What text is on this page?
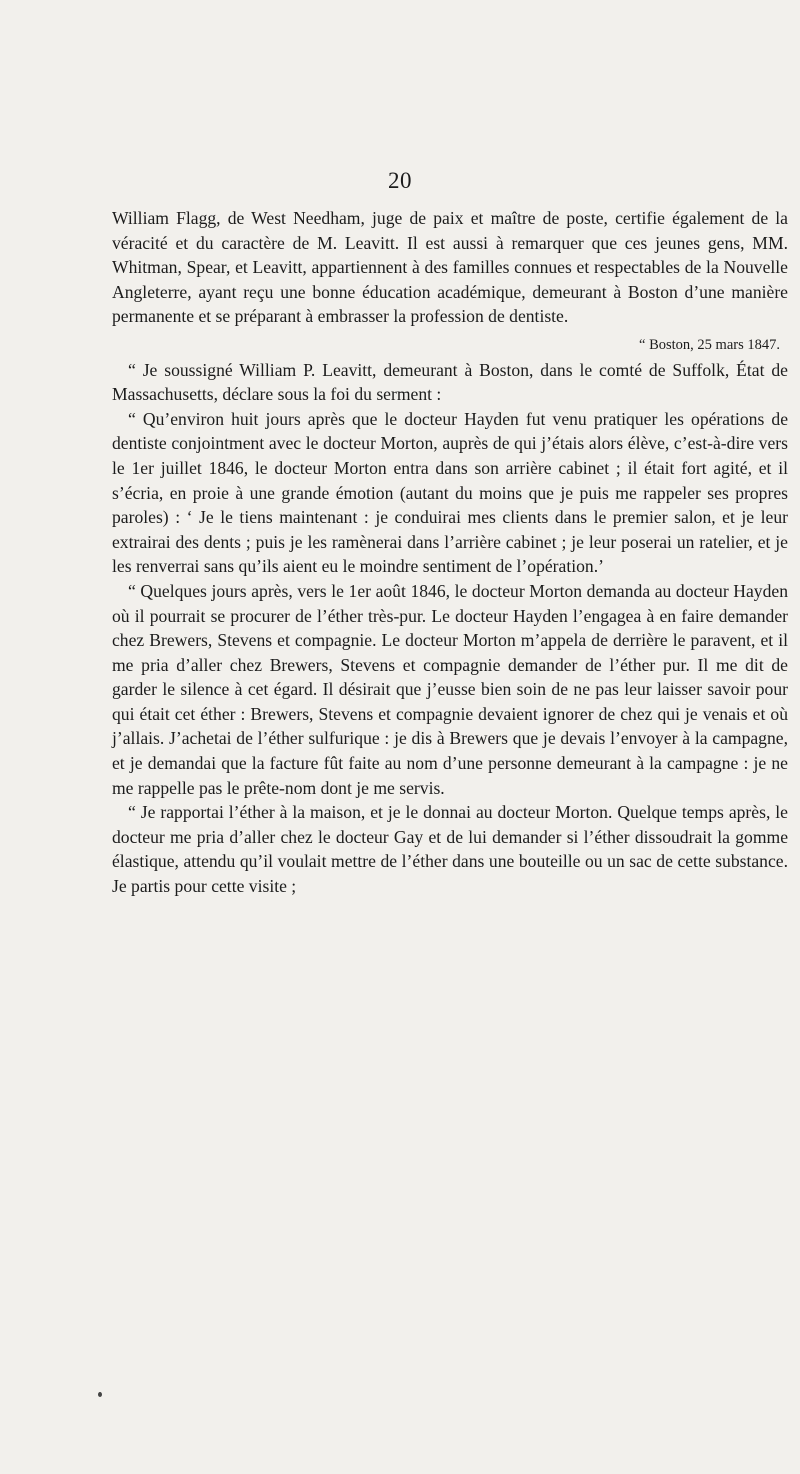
20

William Flagg, de West Needham, juge de paix et maître de poste, certifie également de la véracité et du caractère de M. Leavitt. Il est aussi à remarquer que ces jeunes gens, MM. Whitman, Spear, et Leavitt, appartiennent à des familles connues et respectables de la Nouvelle Angleterre, ayant reçu une bonne éducation académique, demeurant à Boston d’une manière permanente et se préparant à embrasser la profession de dentiste.

“ Boston, 25 mars 1847.

“ Je soussigné William P. Leavitt, demeurant à Boston, dans le comté de Suffolk, État de Massachusetts, déclare sous la foi du serment :

“ Qu’environ huit jours après que le docteur Hayden fut venu pratiquer les opérations de dentiste conjointment avec le docteur Morton, auprès de qui j’étais alors élève, c’est-à-dire vers le 1er juillet 1846, le docteur Morton entra dans son arrière cabinet ; il était fort agité, et il s’écria, en proie à une grande émotion (autant du moins que je puis me rappeler ses propres paroles) : ‘ Je le tiens maintenant : je conduirai mes clients dans le premier salon, et je leur extrairai des dents ; puis je les ramènerai dans l’arrière cabinet ; je leur poserai un ratelier, et je les renverrai sans qu’ils aient eu le moindre sentiment de l’opération.’

“ Quelques jours après, vers le 1er août 1846, le docteur Morton demanda au docteur Hayden où il pourrait se procurer de l’éther très-pur. Le docteur Hayden l’engagea à en faire demander chez Brewers, Stevens et compagnie. Le docteur Morton m’appela de derrière le paravent, et il me pria d’aller chez Brewers, Stevens et compagnie demander de l’éther pur. Il me dit de garder le silence à cet égard. Il désirait que j’eusse bien soin de ne pas leur laisser savoir pour qui était cet éther : Brewers, Stevens et compagnie devaient ignorer de chez qui je venais et où j’allais. J’achetai de l’éther sulfurique : je dis à Brewers que je devais l’envoyer à la campagne, et je demandai que la facture fût faite au nom d’une personne demeurant à la campagne : je ne me rappelle pas le prête-nom dont je me servis.

“ Je rapportai l’éther à la maison, et je le donnai au docteur Morton. Quelque temps après, le docteur me pria d’aller chez le docteur Gay et de lui demander si l’éther dissoudrait la gomme élastique, attendu qu’il voulait mettre de l’éther dans une bouteille ou un sac de cette substance. Je partis pour cette visite ;
